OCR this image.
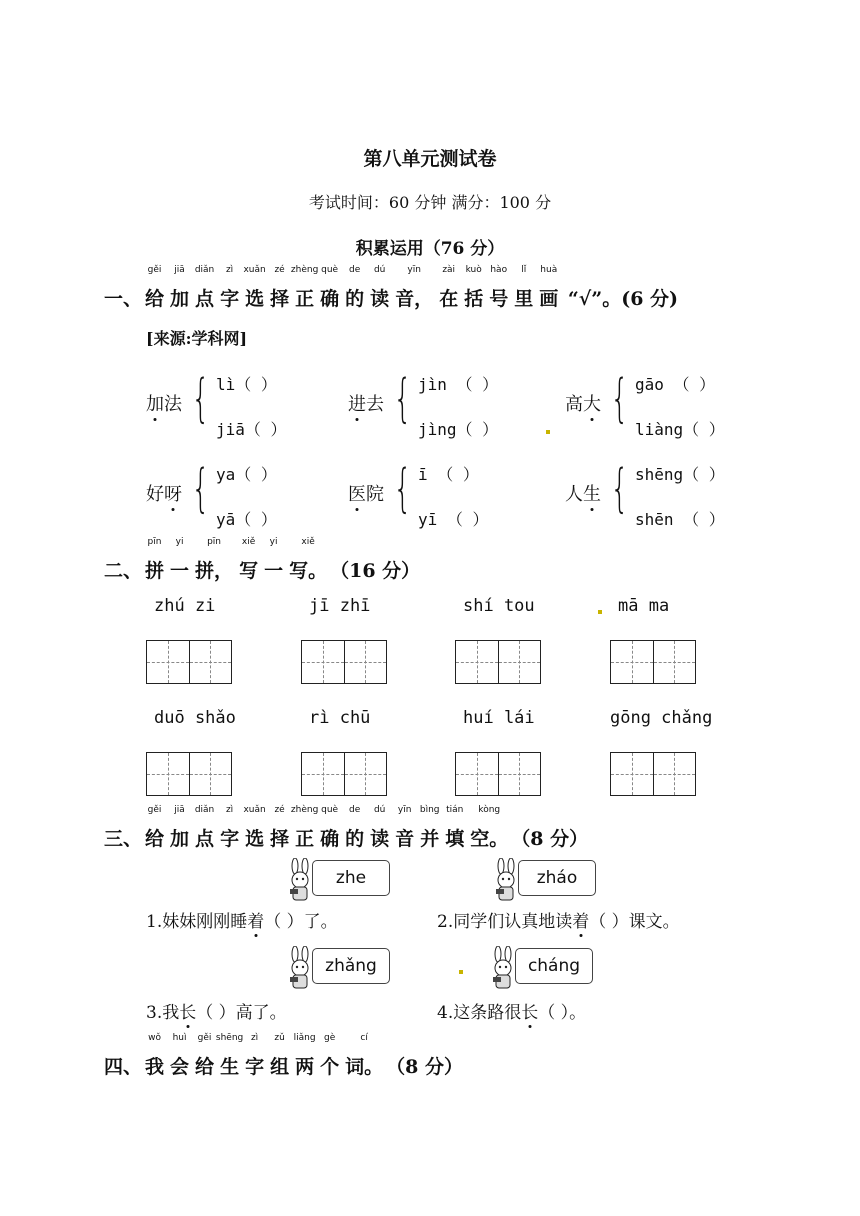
第八单元测试卷
考试时间：60 分钟 满分：100 分
积累运用（76 分）
一、
gěi
给
jiā
加
diǎn
点
zì
字
xuǎn
选
zé
择
zhèng
正
què
确
de
的
dú
读
yīn
音，
zài
在
kuò
括
hào
号
lǐ
里
huà
画 “√”。(6 分)
[来源:学科网]
加法 { lì（ ）
jiā（ ）
进去 { jìn （ ）
jìng（ ）
高大 { gāo （ ）
liàng（ ）
好呀 { ya（ ）
yā（ ）
医院 { ī （ ）
yī （ ）
人生 { shēng（ ）
shēn （ ）
二、
pīn
拼
yi
一
pīn
拼，
xiě
写
yi
一
xiě
写。 （16 分）
zhú zi	jī zhī	shí tou	mā ma
duō shǎo	rì chū	huí lái	gōng chǎng
三、
gěi
给
jiā
加
diǎn
点
zì
字
xuǎn
选
zé
择
zhèng
正
què
确
de
的
dú
读
yīn
音
bìng
并
tián
填
kòng
空。 （8 分）
zhe	zháo
zhǎng	cháng
1.妹妹刚刚睡着（ ）了。	2.同学们认真地读着（ ）课文。
3.我长（ ）高了。	4.这条路很长（ ）。
四、
wǒ
我
huì
会
gěi
给
shēng
生
zì
字
zǔ
组
liǎng
两
gè
个
cí
词。 （8 分）
